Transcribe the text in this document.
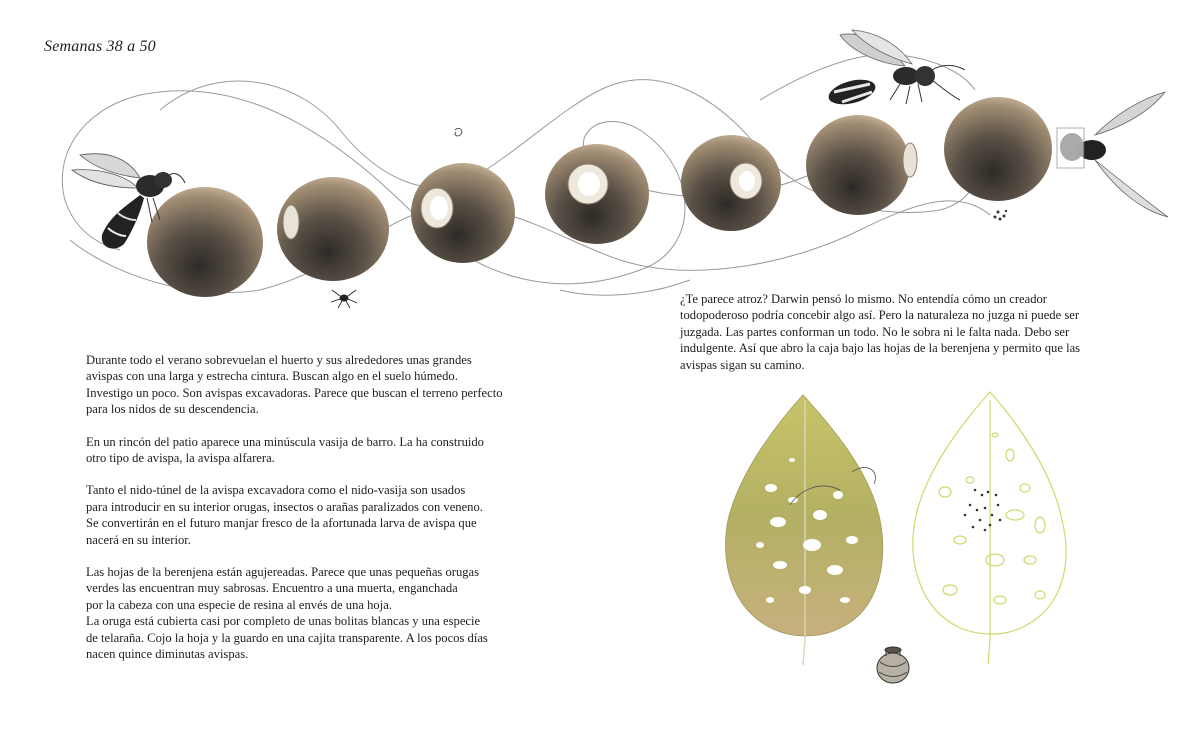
Semanas 38 a 50

Durante todo el verano sobrevuelan el huerto y sus alrededores unas grandes
avispas con una larga y estrecha cintura. Buscan algo en el suelo húmedo.
Investigo un poco. Son avispas excavadoras. Parece que buscan el terreno perfecto
para los nidos de su descendencia.

En un rincón del patio aparece una minúscula vasija de barro. La ha construido
otro tipo de avispa, la avispa alfarera.

Tanto el nido-túnel de la avispa excavadora como el nido-vasija son usados
para introducir en su interior orugas, insectos o arañas paralizados con veneno.
Se convertirán en el futuro manjar fresco de la afortunada larva de avispa que
nacerá en su interior.

Las hojas de la berenjena están agujereadas. Parece que unas pequeñas orugas
verdes las encuentran muy sabrosas. Encuentro a una muerta, enganchada
por la cabeza con una especie de resina al envés de una hoja.
La oruga está cubierta casi por completo de unas bolitas blancas y una especie
de telaraña. Cojo la hoja y la guardo en una cajita transparente. A los pocos días
nacen quince diminutas avispas.

¿Te parece atroz? Darwin pensó lo mismo. No entendía cómo un creador
todopoderoso podría concebir algo así. Pero la naturaleza no juzga ni puede ser
juzgada. Las partes conforman un todo. No le sobra ni le falta nada. Debo ser
indulgente. Así que abro la caja bajo las hojas de la berenjena y permito que las
avispas sigan su camino.
